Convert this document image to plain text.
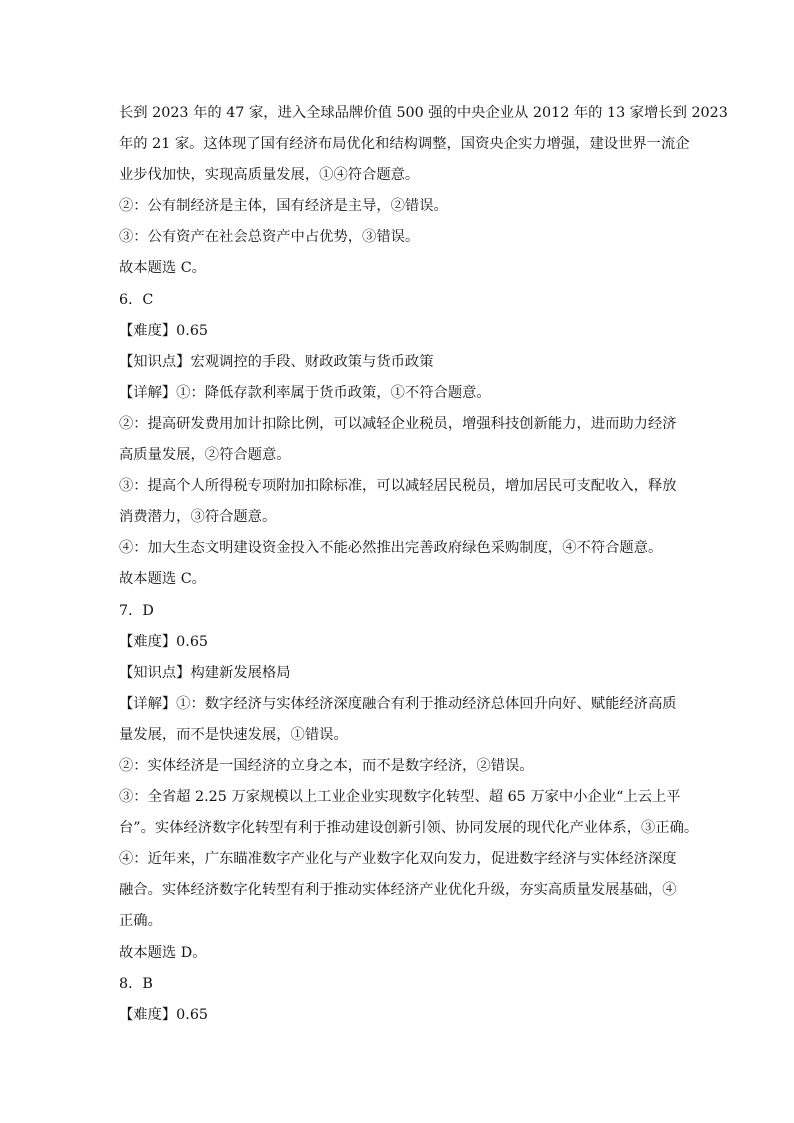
长到 2023 年的 47 家，进入全球品牌价值 500 强的中央企业从 2012 年的 13 家增长到 2023
年的 21 家。这体现了国有经济布局优化和结构调整，国资央企实力增强，建设世界一流企
业步伐加快，实现高质量发展，①④符合题意。
②：公有制经济是主体，国有经济是主导，②错误。
③：公有资产在社会总资产中占优势，③错误。
故本题选 C。
6．C
【难度】0.65
【知识点】宏观调控的手段、财政政策与货币政策
【详解】①：降低存款利率属于货币政策，①不符合题意。
②：提高研发费用加计扣除比例，可以减轻企业税员，增强科技创新能力，进而助力经济
高质量发展，②符合题意。
③：提高个人所得税专项附加扣除标准，可以减轻居民税员，增加居民可支配收入，释放
消费潜力，③符合题意。
④：加大生态文明建设资金投入不能必然推出完善政府绿色采购制度，④不符合题意。
故本题选 C。
7．D
【难度】0.65
【知识点】构建新发展格局
【详解】①：数字经济与实体经济深度融合有利于推动经济总体回升向好、赋能经济高质
量发展，而不是快速发展，①错误。
②：实体经济是一国经济的立身之本，而不是数字经济，②错误。
③：全省超 2.25 万家规模以上工业企业实现数字化转型、超 65 万家中小企业“上云上平
台”。实体经济数字化转型有利于推动建设创新引领、协同发展的现代化产业体系，③正确。
④：近年来，广东瞄准数字产业化与产业数字化双向发力，促进数字经济与实体经济深度
融合。实体经济数字化转型有利于推动实体经济产业优化升级，夯实高质量发展基础，④
正确。
故本题选 D。
8．B
【难度】0.65
